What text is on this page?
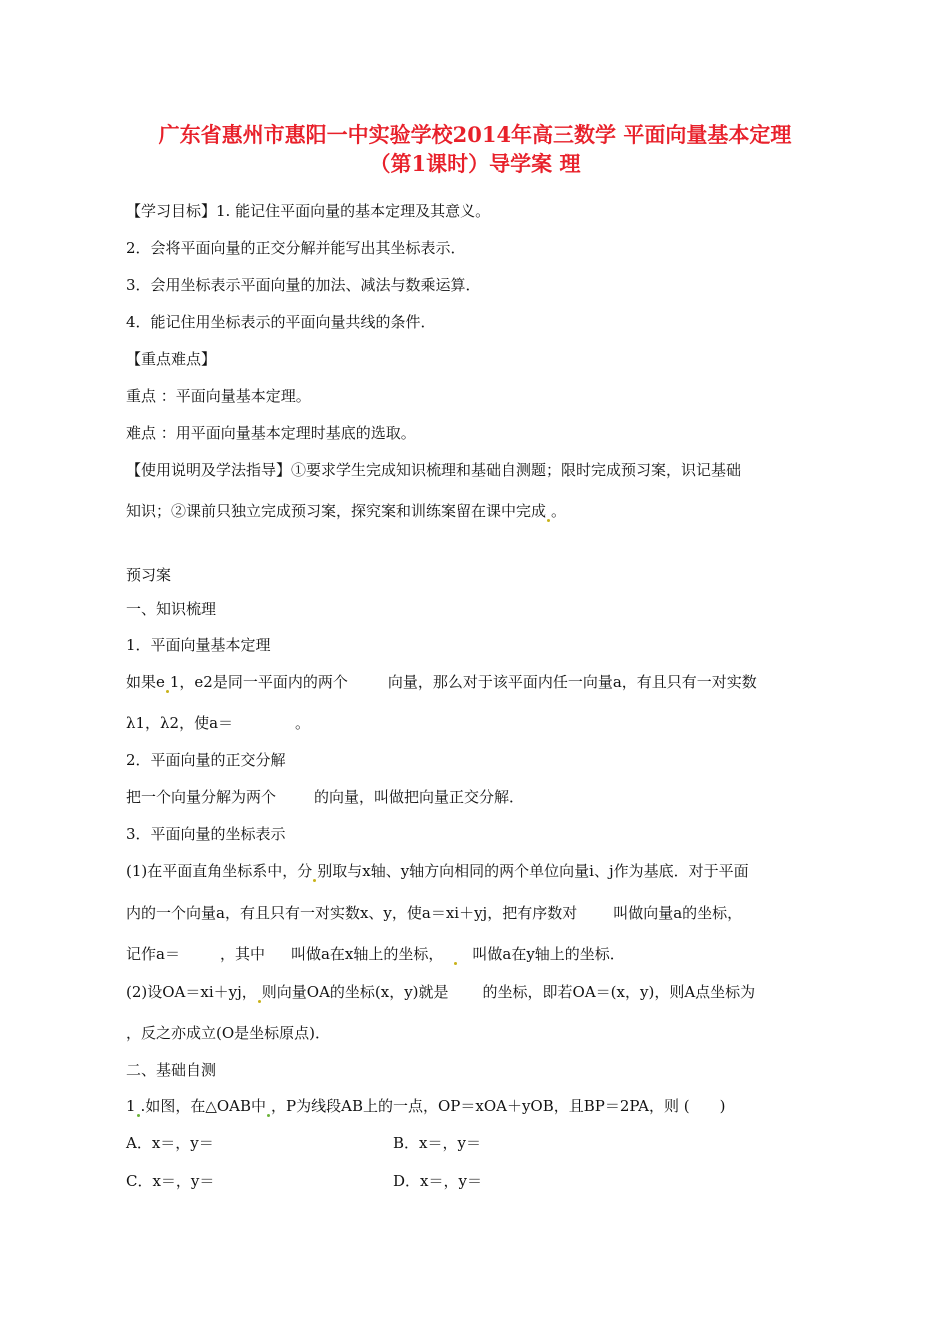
广东省惠州市惠阳一中实验学校2014年高三数学 平面向量基本定理
（第1课时）导学案 理
【学习目标】1. 能记住平面向量的基本定理及其意义。
2．会将平面向量的正交分解并能写出其坐标表示．
3．会用坐标表示平面向量的加法、减法与数乘运算．
4．能记住用坐标表示的平面向量共线的条件．
【重点难点】
重点 ：平面向量基本定理。
难点 ：用平面向量基本定理时基底的选取。
【使用说明及学法指导】①要求学生完成知识梳理和基础自测题；限时完成预习案，识记基础
知识；②课前只独立完成预习案，探究案和训练案留在课中完成 。
预习案
一、知识梳理
1．平面向量基本定理
如果e 1，e2是同一平面内的两个	向量，那么对于该平面内任一向量a，有且只有一对实数
λ1，λ2，使a＝	。
2．平面向量的正交分解
把一个向量分解为两个	的向量，叫做把向量正交分解．
3．平面向量的坐标表示
(1)在平面直角坐标系中，分 别取与x轴、y轴方向相同的两个单位向量i、j作为基底．对于平面
内的一个向量a，有且只有一对实数x、y，使a＝xi＋yj，把有序数对 叫做向量a的坐标，
记作a＝	，其中 叫做a在x轴上的坐标， 叫做a在y轴上的坐标．
(2)设OA＝xi＋yj， 则向量OA的坐标(x，y)就是 的坐标，即若OA＝(x，y)，则A点坐标为
，反之亦成立(O是坐标原点)．
二、基础自测
1 .如图，在△OAB中 ，P为线段AB上的一点，OP＝xOA＋yOB，且BP＝2PA，则 (　　)
A．x＝，y＝	B．x＝，y＝
C．x＝，y＝	D．x＝，y＝
